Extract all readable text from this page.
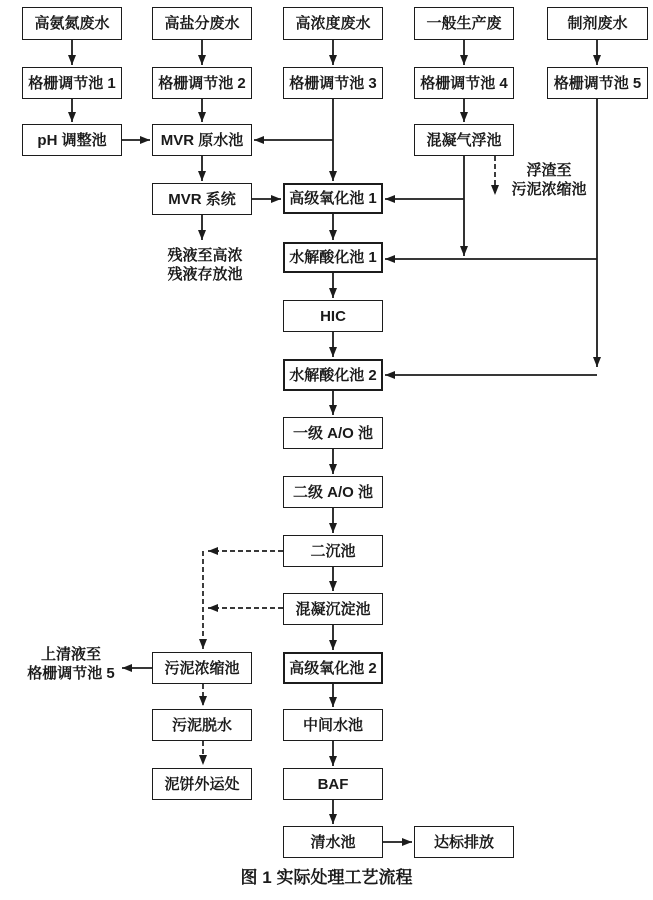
高氨氮废水	高盐分废水	高浓度废水	一般生产废	制剂废水
格栅调节池 1	格栅调节池 2	格栅调节池 3	格栅调节池 4	格栅调节池 5
pH 调整池	MVR 原水池	混凝气浮池
MVR 系统	高级氧化池 1
水解酸化池 1
HIC
水解酸化池 2
一级 A/O 池
二级 A/O 池
二沉池
混凝沉淀池
污泥浓缩池	高级氧化池 2
污泥脱水	中间水池
泥饼外运处	BAF
清水池	达标排放
残液至高浓
残液存放池
浮渣至
污泥浓缩池
上清液至
格栅调节池 5
图 1 实际处理工艺流程
